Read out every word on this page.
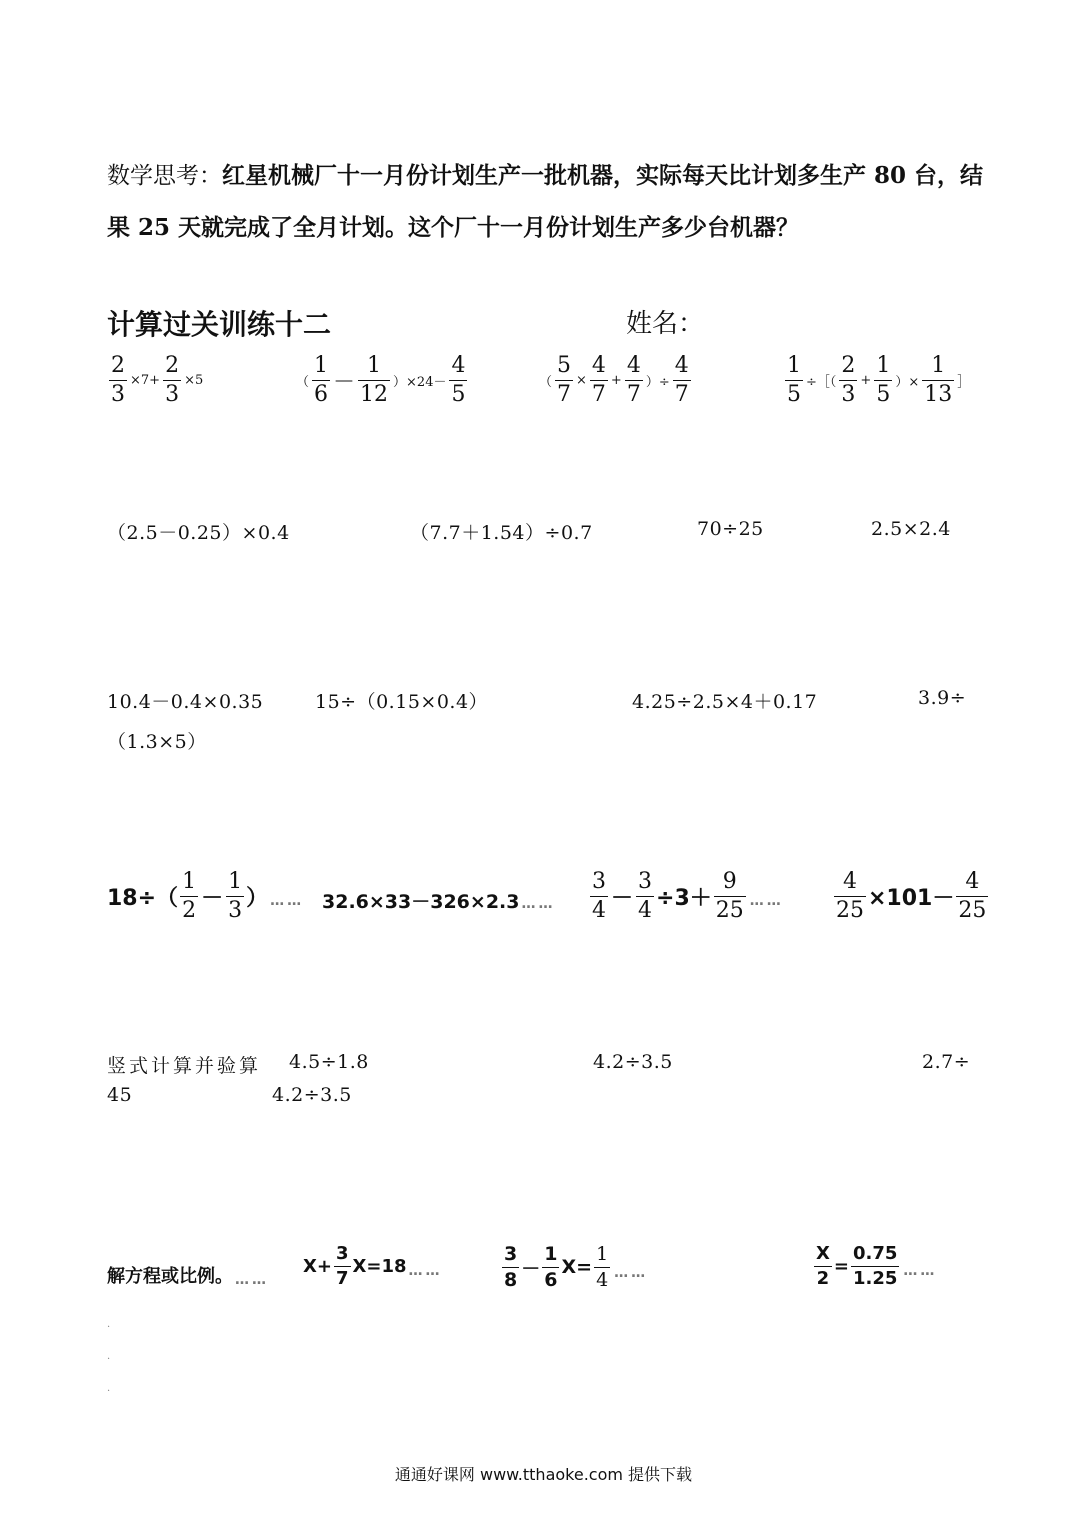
数学思考：红星机械厂十一月份计划生产一批机器，实际每天比计划多生产 80 台，结果 25 天就完成了全月计划。这个厂十一月份计划生产多少台机器？
计算过关训练十二	姓名：
$\frac{2}{3} \times 7+ \frac{2}{3} \times 5$	（ $\frac{1}{6} - \frac{1}{12} )\times 24- \frac{4}{5}$	（ $\frac{5}{7} \times \frac{4}{7} + \frac{4}{7}$ ）÷ $\frac{4}{7}$	$\frac{1}{5}$ ÷［（ $\frac{2}{3} + \frac{1}{5}$ ）× $\frac{1}{13}$ ］
（2.5－0.25）×0.4	（7.7＋1.54）÷0.7	70÷25	2.5×2.4
10.4－0.4×0.35	15÷（0.15×0.4）	4.25÷2.5×4＋0.17	3.9÷
（1.3×5）
$18\div( \frac{1}{2} - \frac{1}{3}$ ） …… 32.6×33－326×2.3 …… $\frac{3}{4} - \frac{3}{4} \div 3+ \frac{9}{25}$ …… $\frac{4}{25} \times 101- \frac{4}{25}$
竖式计算并验算 4.5÷1.8	4.2÷3.5	2.7÷
45	4.2÷3.5
解方程或比例。 ……
$X+ \frac{3}{7} X=18$ ……	$\frac{3}{8} - \frac{1}{6} X= \frac{1}{4}$ ……	$\frac{X}{2} = \frac{0.75}{1.25}$ ……
·
·
·
通通好课网 www.tthaoke.com 提供下载
